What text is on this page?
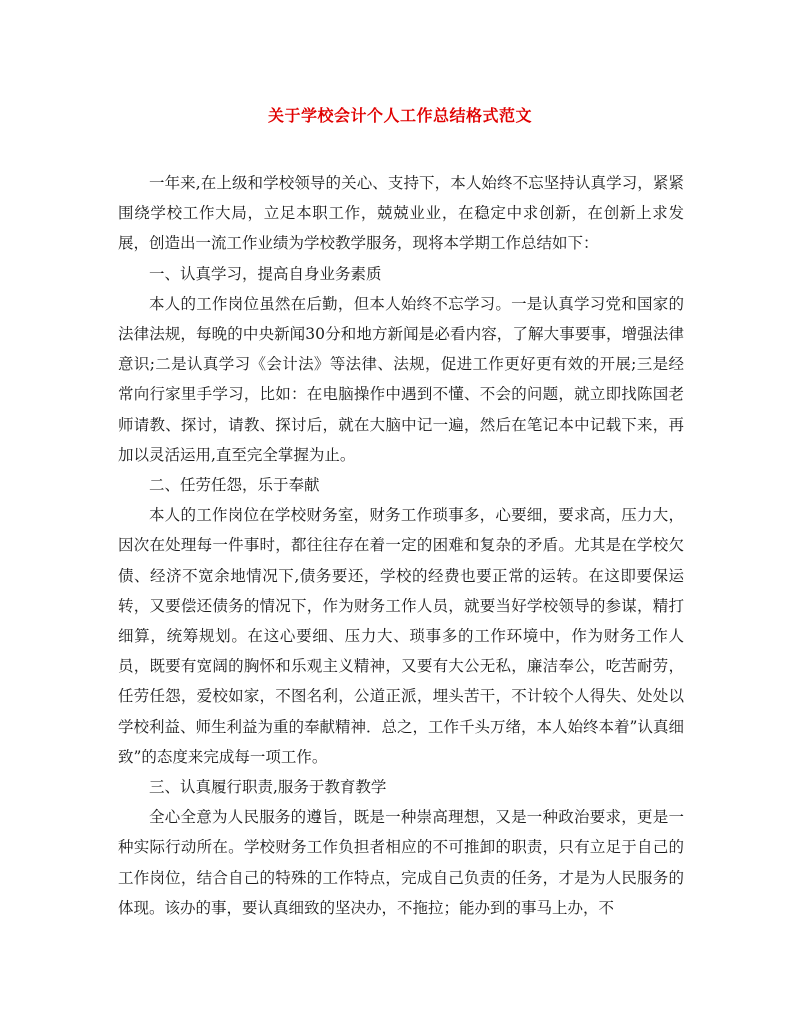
关于学校会计个人工作总结格式范文

一年来,在上级和学校领导的关心、支持下，本人始终不忘坚持认真学习，紧紧围绕学校工作大局，立足本职工作，兢兢业业，在稳定中求创新，在创新上求发展，创造出一流工作业绩为学校教学服务，现将本学期工作总结如下：

一、认真学习，提高自身业务素质

本人的工作岗位虽然在后勤，但本人始终不忘学习。一是认真学习党和国家的法律法规，每晚的中央新闻30分和地方新闻是必看内容，了解大事要事，增强法律意识;二是认真学习《会计法》等法律、法规，促进工作更好更有效的开展;三是经常向行家里手学习，比如：在电脑操作中遇到不懂、不会的问题，就立即找陈国老师请教、探讨，请教、探讨后，就在大脑中记一遍，然后在笔记本中记载下来，再加以灵活运用,直至完全掌握为止。

二、任劳任怨，乐于奉献

本人的工作岗位在学校财务室，财务工作琐事多，心要细，要求高，压力大，因次在处理每一件事时，都往往存在着一定的困难和复杂的矛盾。尤其是在学校欠债、经济不宽余地情况下,债务要还，学校的经费也要正常的运转。在这即要保运转，又要偿还债务的情况下，作为财务工作人员，就要当好学校领导的参谋，精打细算，统筹规划。在这心要细、压力大、琐事多的工作环境中，作为财务工作人员，既要有宽阔的胸怀和乐观主义精神，又要有大公无私，廉洁奉公，吃苦耐劳，任劳任怨，爱校如家，不图名利，公道正派，埋头苦干，不计较个人得失、处处以学校利益、师生利益为重的奉献精神．总之，工作千头万绪，本人始终本着”认真细致”的态度来完成每一项工作。

三、认真履行职责,服务于教育教学

全心全意为人民服务的遵旨，既是一种崇高理想，又是一种政治要求，更是一种实际行动所在。学校财务工作负担者相应的不可推卸的职责，只有立足于自己的工作岗位，结合自己的特殊的工作特点，完成自己负责的任务，才是为人民服务的体现。该办的事，要认真细致的坚决办，不拖拉；能办到的事马上办，不
